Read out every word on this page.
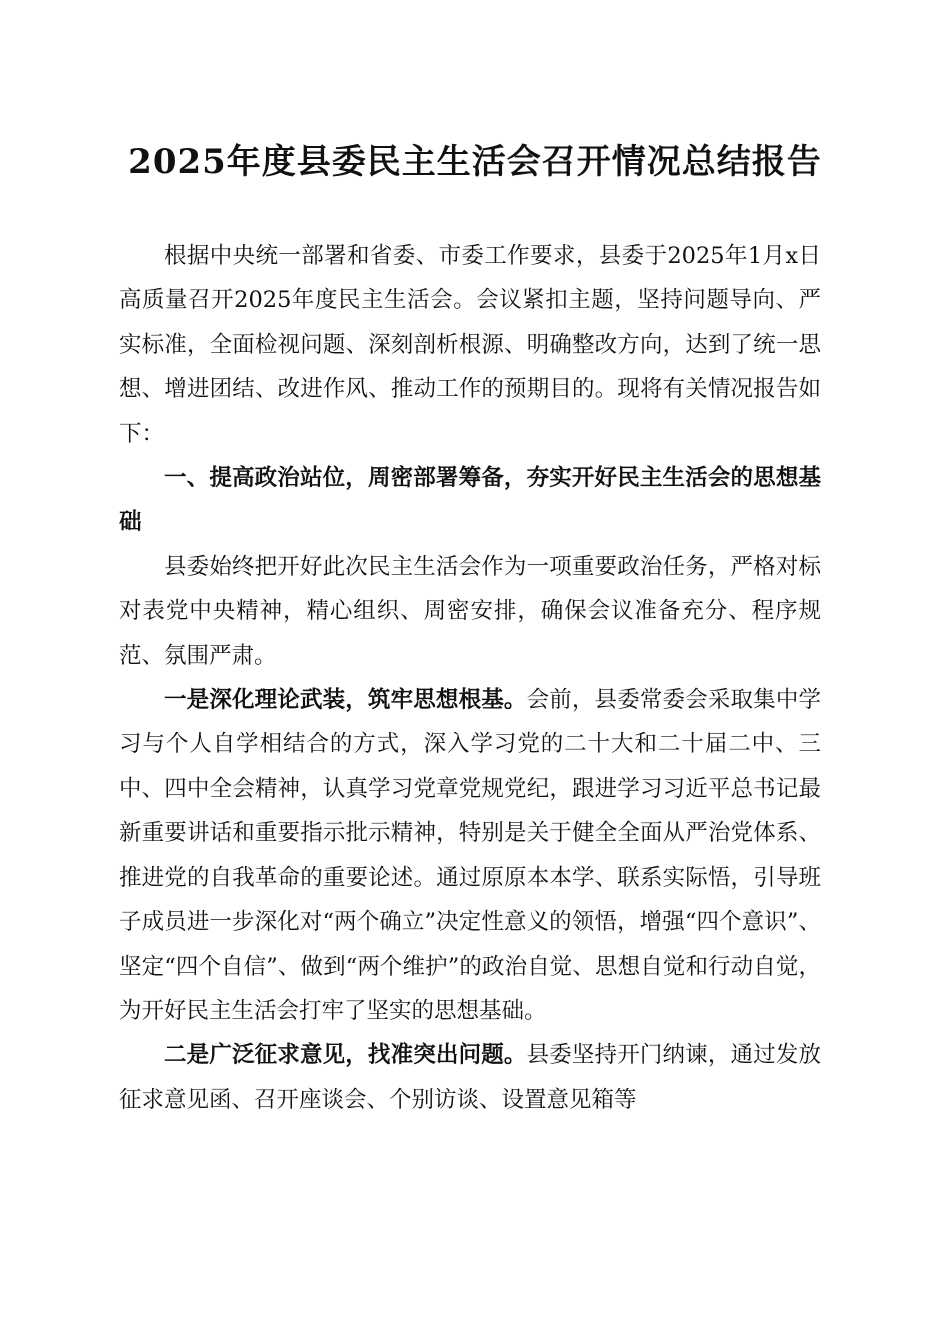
2025年度县委民主生活会召开情况总结报告

根据中央统一部署和省委、市委工作要求，县委于2025年1月x日高质量召开2025年度民主生活会。会议紧扣主题，坚持问题导向、严实标准，全面检视问题、深刻剖析根源、明确整改方向，达到了统一思想、增进团结、改进作风、推动工作的预期目的。现将有关情况报告如下：

一、提高政治站位，周密部署筹备，夯实开好民主生活会的思想基础

县委始终把开好此次民主生活会作为一项重要政治任务，严格对标对表党中央精神，精心组织、周密安排，确保会议准备充分、程序规范、氛围严肃。

一是深化理论武装，筑牢思想根基。会前，县委常委会采取集中学习与个人自学相结合的方式，深入学习党的二十大和二十届二中、三中、四中全会精神，认真学习党章党规党纪，跟进学习习近平总书记最新重要讲话和重要指示批示精神，特别是关于健全全面从严治党体系、推进党的自我革命的重要论述。通过原原本本学、联系实际悟，引导班子成员进一步深化对“两个确立”决定性意义的领悟，增强“四个意识”、坚定“四个自信”、做到“两个维护”的政治自觉、思想自觉和行动自觉，为开好民主生活会打牢了坚实的思想基础。

二是广泛征求意见，找准突出问题。县委坚持开门纳谏，通过发放征求意见函、召开座谈会、个别访谈、设置意见箱等
